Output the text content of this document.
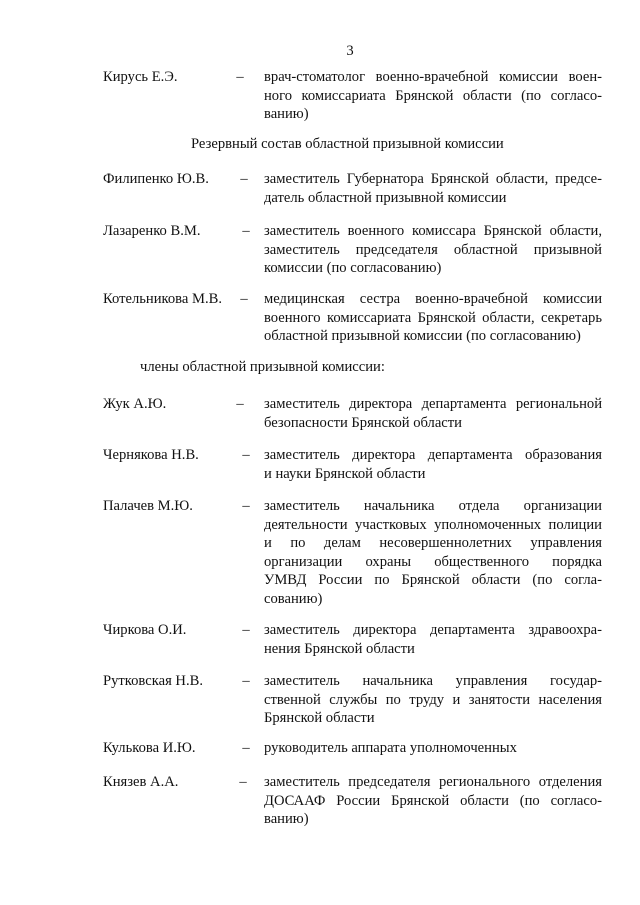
3
Кирусь Е.Э.	– врач-стоматолог военно-врачебной комиссии воен-
ного комиссариата Брянской области (по согласо-
ванию)
Резервный состав областной призывной комиссии
Филипенко Ю.В. – заместитель Губернатора Брянской области, предсе-
датель областной призывной комиссии
Лазаренко В.М.	– заместитель военного комиссара Брянской области,
заместитель председателя областной призывной
комиссии (по согласованию)
Котельникова М.В. – медицинская сестра военно-врачебной комиссии
военного комиссариата Брянской области, секретарь
областной призывной комиссии (по согласованию)
члены областной призывной комиссии:
Жук А.Ю.	– заместитель директора департамента региональной
безопасности Брянской области
Чернякова Н.В.	– заместитель директора департамента образования
и науки Брянской области
Палачев М.Ю.	– заместитель начальника отдела организации
деятельности участковых уполномоченных полиции
и по делам несовершеннолетних управления
организации охраны общественного порядка
УМВД России по Брянской области (по согла-
сованию)
Чиркова О.И.	– заместитель директора департамента здравоохра-
нения Брянской области
Рутковская Н.В.	– заместитель начальника управления государ-
ственной службы по труду и занятости населения
Брянской области
Кулькова И.Ю.	– руководитель аппарата уполномоченных
Князев А.А.	– заместитель председателя регионального отделения
ДОСААФ России Брянской области (по согласо-
ванию)
